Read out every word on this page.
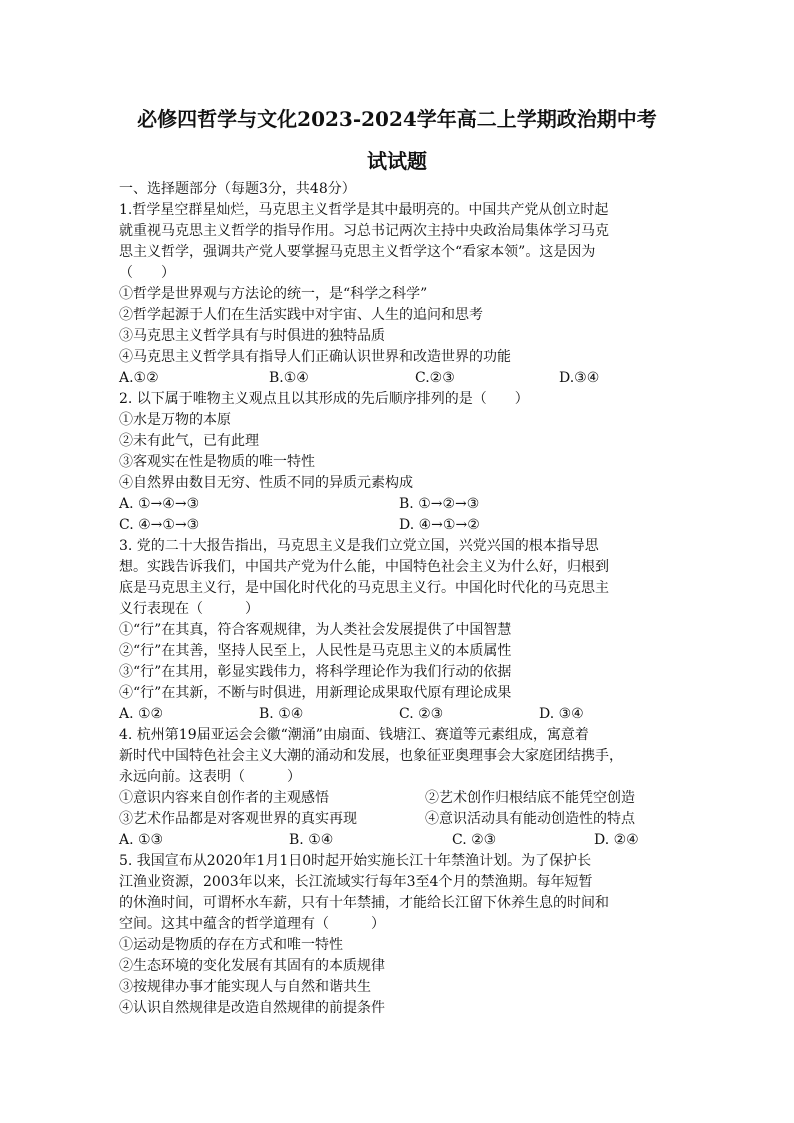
必修四哲学与文化2023-2024学年高二上学期政治期中考
试试题
一、选择题部分（每题3分，共48分）
1.哲学星空群星灿烂，马克思主义哲学是其中最明亮的。中国共产党从创立时起
就重视马克思主义哲学的指导作用。习总书记两次主持中央政治局集体学习马克
思主义哲学，强调共产党人要掌握马克思主义哲学这个“看家本领”。这是因为
（　　）
①哲学是世界观与方法论的统一，是“科学之科学”
②哲学起源于人们在生活实践中对宇宙、人生的追问和思考
③马克思主义哲学具有与时俱进的独特品质
④马克思主义哲学具有指导人们正确认识世界和改造世界的功能
A.①②	B.①④	C.②③	D.③④
2. 以下属于唯物主义观点且以其形成的先后顺序排列的是（　　）
①水是万物的本原
②未有此气，已有此理
③客观实在性是物质的唯一特性
④自然界由数目无穷、性质不同的异质元素构成
A. ①→④→③	B. ①→②→③
C. ④→①→③	D. ④→①→②
3. 党的二十大报告指出，马克思主义是我们立党立国，兴党兴国的根本指导思
想。实践告诉我们，中国共产党为什么能，中国特色社会主义为什么好，归根到
底是马克思主义行，是中国化时代化的马克思主义行。中国化时代化的马克思主
义行表现在（　　　）
①“行”在其真，符合客观规律，为人类社会发展提供了中国智慧
②“行”在其善，坚持人民至上，人民性是马克思主义的本质属性
③“行”在其用，彰显实践伟力，将科学理论作为我们行动的依据
④“行”在其新，不断与时俱进，用新理论成果取代原有理论成果
A. ①②	B. ①④	C. ②③	D. ③④
4. 杭州第19届亚运会会徽“潮涌”由扇面、钱塘江、赛道等元素组成，寓意着
新时代中国特色社会主义大潮的涌动和发展，也象征亚奥理事会大家庭团结携手，
永远向前。这表明（　　　）
①意识内容来自创作者的主观感悟	②艺术创作归根结底不能凭空创造
③艺术作品都是对客观世界的真实再现	④意识活动具有能动创造性的特点
A. ①③	B. ①④	C. ②③	D. ②④
5. 我国宣布从2020年1月1日0时起开始实施长江十年禁渔计划。为了保护长
江渔业资源，2003年以来，长江流域实行每年3至4个月的禁渔期。每年短暂
的休渔时间，可谓杯水车薪，只有十年禁捕，才能给长江留下休养生息的时间和
空间。这其中蕴含的哲学道理有（　　　）
①运动是物质的存在方式和唯一特性
②生态环境的变化发展有其固有的本质规律
③按规律办事才能实现人与自然和谐共生
④认识自然规律是改造自然规律的前提条件
